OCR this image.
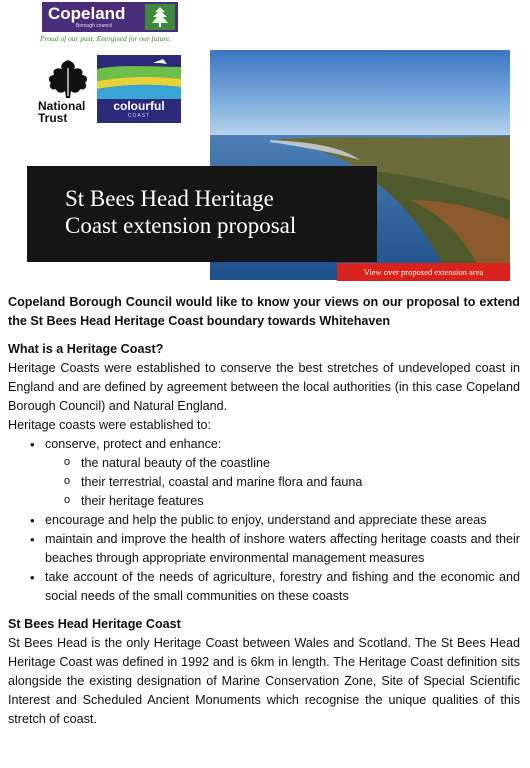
Copeland
Borough council
Proud of our past. Energised for our future.
National
Trust
colourful
COAST
St Bees Head Heritage
Coast extension proposal
View over proposed extension area

Copeland Borough Council would like to know your views on our proposal to extend the St Bees Head Heritage Coast boundary towards Whitehaven

What is a Heritage Coast?

Heritage Coasts were established to conserve the best stretches of undeveloped coast in England and are defined by agreement between the local authorities (in this case Copeland Borough Council) and Natural England.

Heritage coasts were established to:

• conserve, protect and enhance:
o the natural beauty of the coastline
o their terrestrial, coastal and marine flora and fauna
o their heritage features
• encourage and help the public to enjoy, understand and appreciate these areas
• maintain and improve the health of inshore waters affecting heritage coasts and their beaches through appropriate environmental management measures
• take account of the needs of agriculture, forestry and fishing and the economic and social needs of the small communities on these coasts

St Bees Head Heritage Coast

St Bees Head is the only Heritage Coast between Wales and Scotland. The St Bees Head Heritage Coast was defined in 1992 and is 6km in length. The Heritage Coast definition sits alongside the existing designation of Marine Conservation Zone, Site of Special Scientific Interest and Scheduled Ancient Monuments which recognise the unique qualities of this stretch of coast.
